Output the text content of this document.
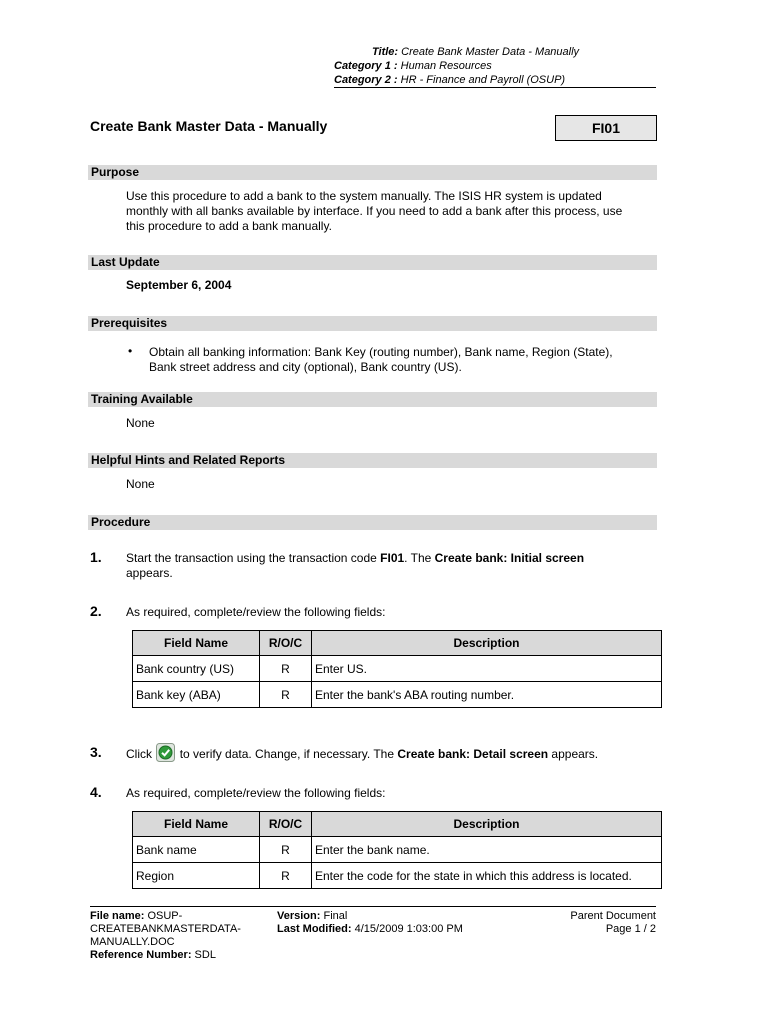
Title: Create Bank Master Data - Manually
Category 1 : Human Resources
Category 2 : HR - Finance and Payroll (OSUP)
Create Bank Master Data - Manually	FI01
Purpose
Use this procedure to add a bank to the system manually. The ISIS HR system is updated
monthly with all banks available by interface. If you need to add a bank after this process, use
this procedure to add a bank manually.
Last Update
September 6, 2004
Prerequisites
• Obtain all banking information: Bank Key (routing number), Bank name, Region (State),
Bank street address and city (optional), Bank country (US).
Training Available
None
Helpful Hints and Related Reports
None
Procedure
1. Start the transaction using the transaction code FI01. The Create bank: Initial screen
appears.
2. As required, complete/review the following fields:
Field Name	R/O/C	Description
Bank country (US)	R	Enter US.
Bank key (ABA)	R	Enter the bank's ABA routing number.
3. Click to verify data. Change, if necessary. The Create bank: Detail screen appears.
4. As required, complete/review the following fields:
Field Name	R/O/C	Description
Bank name	R	Enter the bank name.
Region	R	Enter the code for the state in which this address is located.
File name: OSUP-
CREATEBANKMASTERDATA-
MANUALLY.DOC
Reference Number: SDL
Version: Final
Last Modified: 4/15/2009 1:03:00 PM
Parent Document
Page 1 / 2
